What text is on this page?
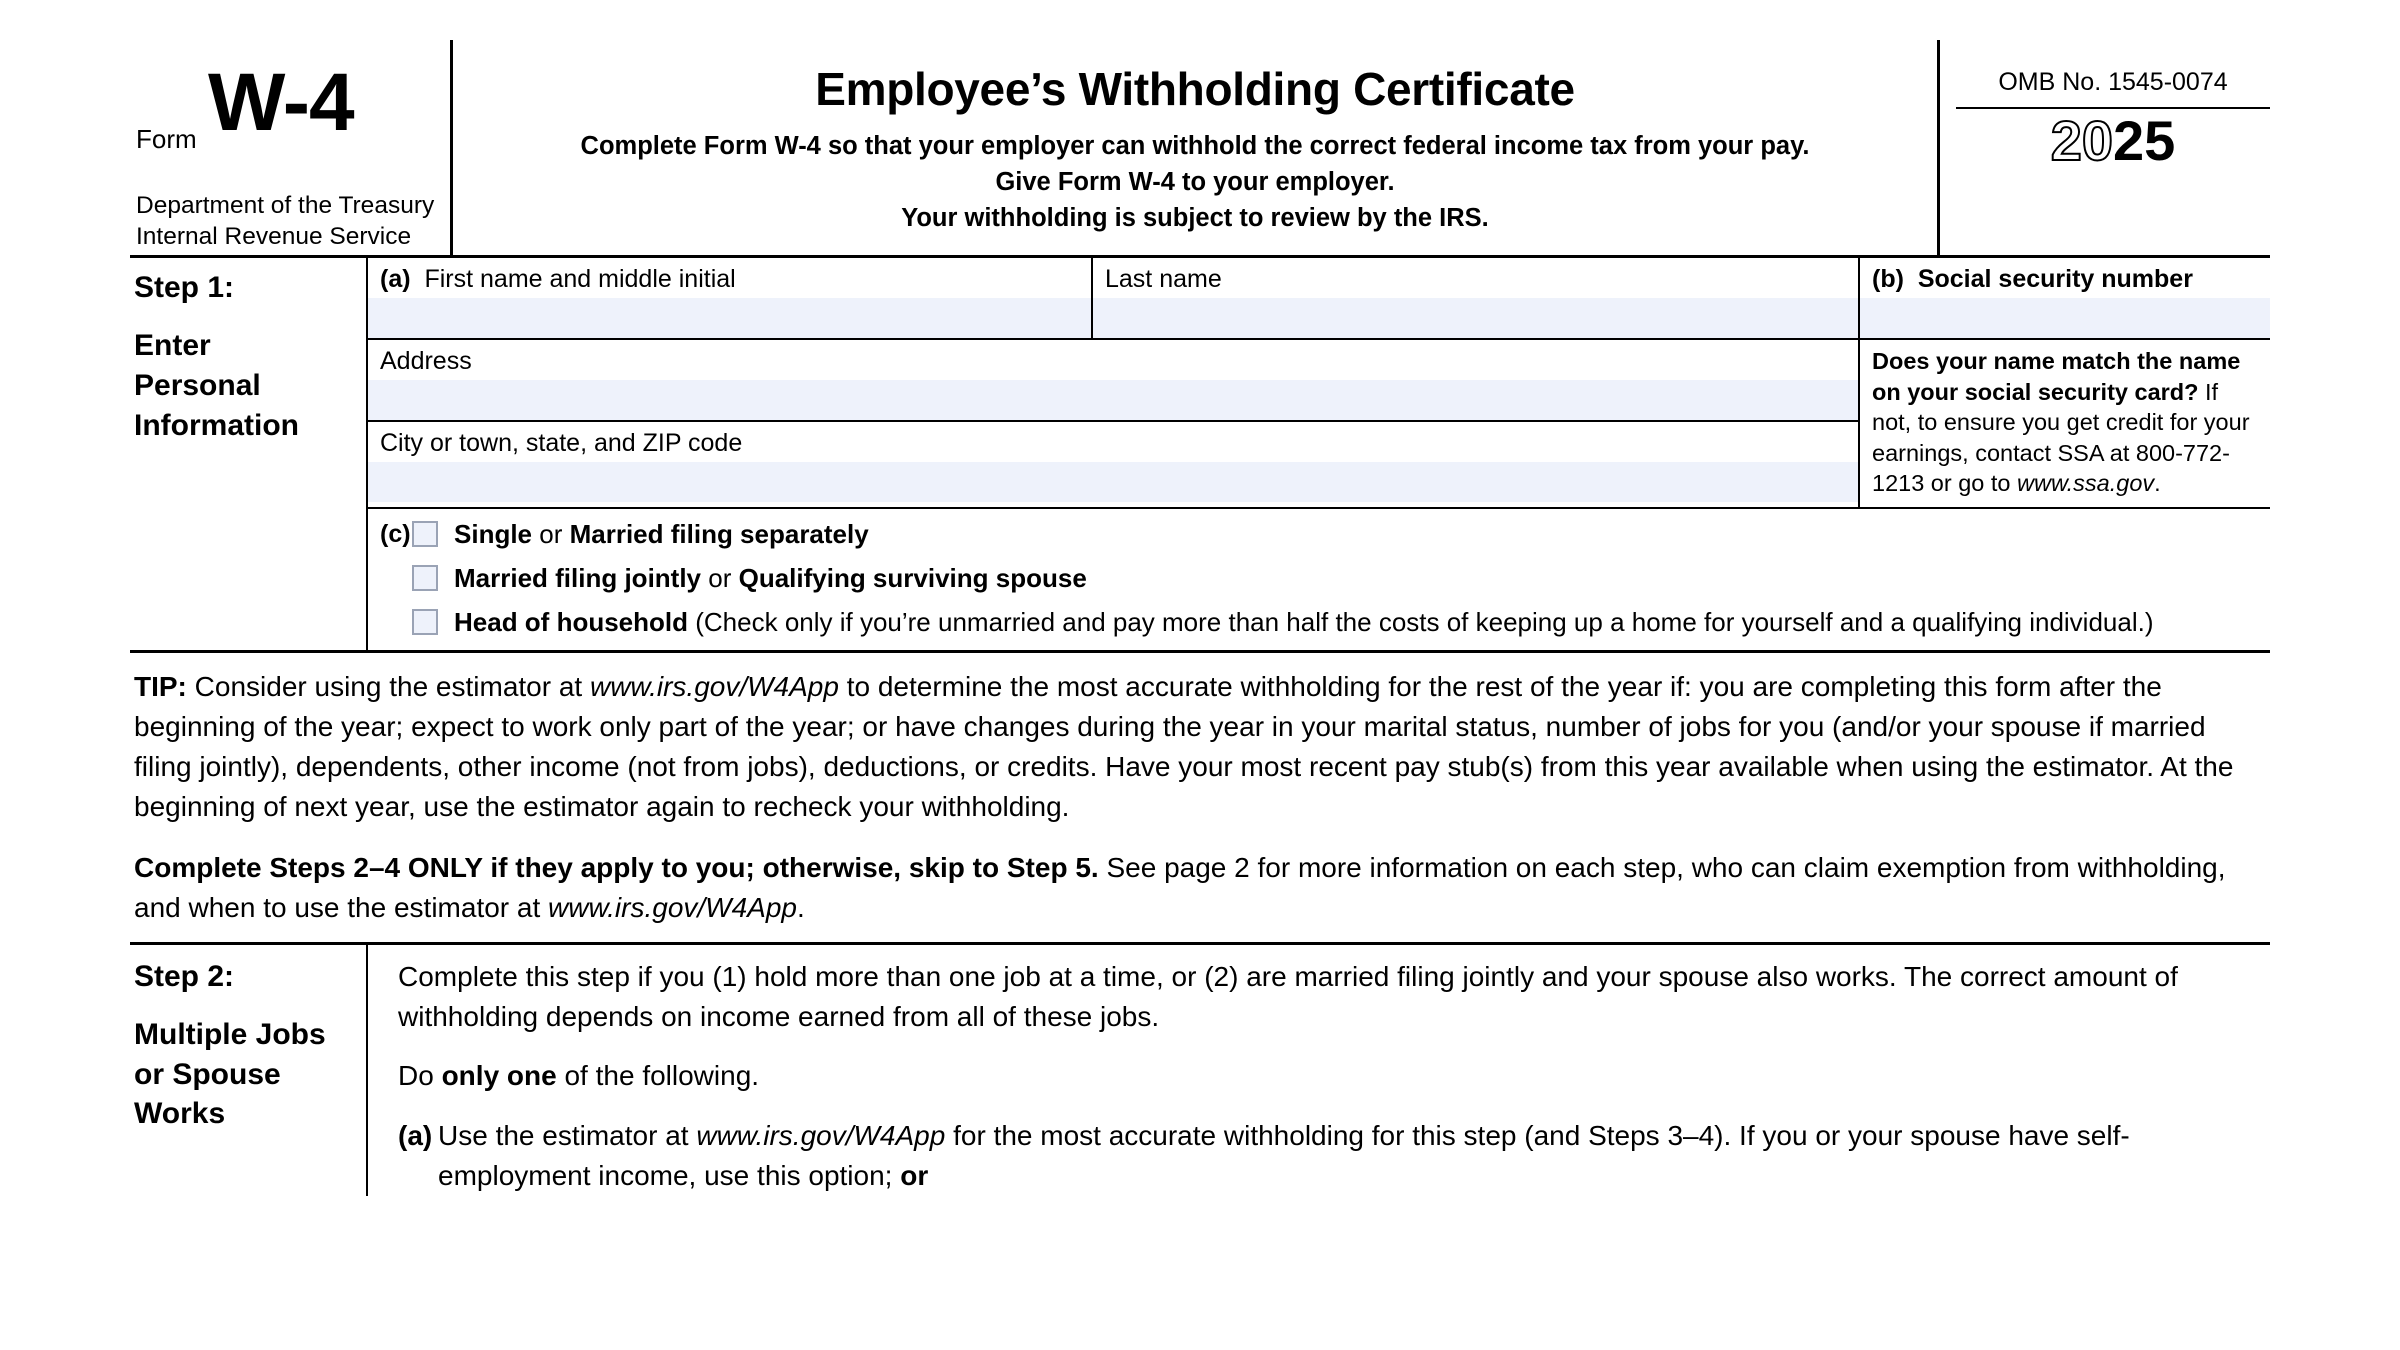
Form W-4
Department of the Treasury
Internal Revenue Service
Employee’s Withholding Certificate
Complete Form W-4 so that your employer can withhold the correct federal income tax from your pay.
Give Form W-4 to your employer.
Your withholding is subject to review by the IRS.
OMB No. 1545-0074
2025
Step 1:
Enter
Personal
Information
(a) First name and middle initial	Last name	(b) Social security number
Address
City or town, state, and ZIP code
Does your name match the name on your social security card? If not, to ensure you get credit for your earnings, contact SSA at 800-772-1213 or go to www.ssa.gov.
(c) Single or Married filing separately
Married filing jointly or Qualifying surviving spouse
Head of household (Check only if you’re unmarried and pay more than half the costs of keeping up a home for yourself and a qualifying individual.)

TIP: Consider using the estimator at www.irs.gov/W4App to determine the most accurate withholding for the rest of the year if: you are completing this form after the beginning of the year; expect to work only part of the year; or have changes during the year in your marital status, number of jobs for you (and/or your spouse if married filing jointly), dependents, other income (not from jobs), deductions, or credits. Have your most recent pay stub(s) from this year available when using the estimator. At the beginning of next year, use the estimator again to recheck your withholding.

Complete Steps 2–4 ONLY if they apply to you; otherwise, skip to Step 5. See page 2 for more information on each step, who can claim exemption from withholding, and when to use the estimator at www.irs.gov/W4App.

Step 2:
Multiple Jobs
or Spouse
Works

Complete this step if you (1) hold more than one job at a time, or (2) are married filing jointly and your spouse also works. The correct amount of withholding depends on income earned from all of these jobs.

Do only one of the following.

(a) Use the estimator at www.irs.gov/W4App for the most accurate withholding for this step (and Steps 3–4). If you or your spouse have self-employment income, use this option; or
